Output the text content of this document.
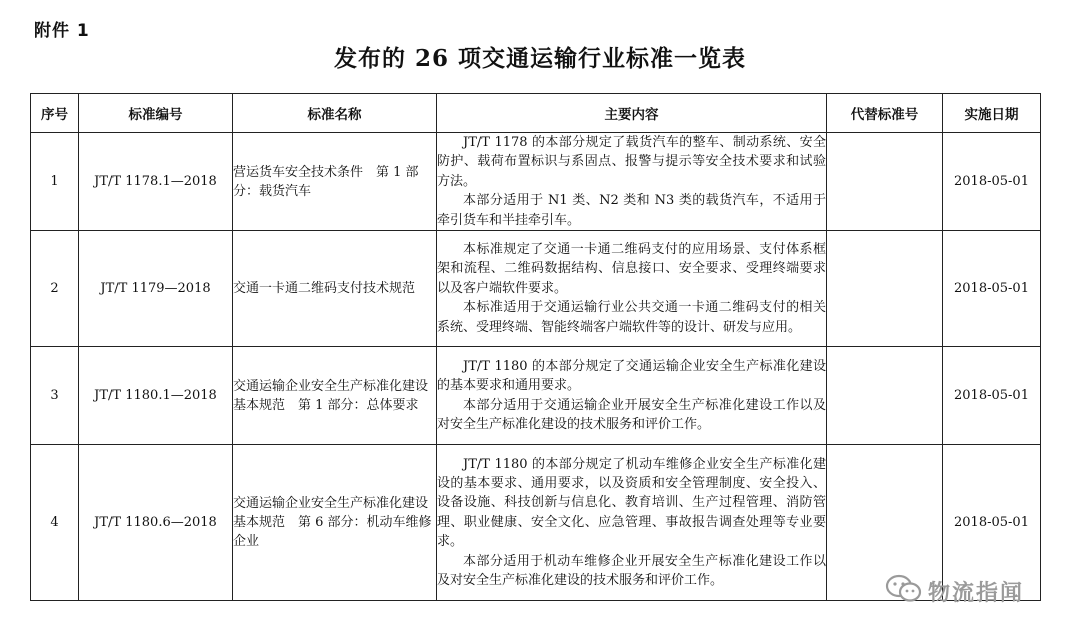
附件 1
发布的 26 项交通运输行业标准一览表
序号	标准编号	标准名称	主要内容	代替标准号	实施日期
1	JT/T 1178.1—2018	营运货车安全技术条件　第 1 部分：载货汽车	JT/T 1178 的本部分规定了载货汽车的整车、制动系统、安全防护、载荷布置标识与系固点、报警与提示等安全技术要求和试验方法。

本部分适用于 N1 类、N2 类和 N3 类的载货汽车，不适用于牵引货车和半挂牵引车。		2018-05-01
2	JT/T 1179—2018	交通一卡通二维码支付技术规范	本标准规定了交通一卡通二维码支付的应用场景、支付体系框架和流程、二维码数据结构、信息接口、安全要求、受理终端要求以及客户端软件要求。

本标准适用于交通运输行业公共交通一卡通二维码支付的相关系统、受理终端、智能终端客户端软件等的设计、研发与应用。		2018-05-01
3	JT/T 1180.1—2018	交通运输企业安全生产标准化建设基本规范　第 1 部分：总体要求	JT/T 1180 的本部分规定了交通运输企业安全生产标准化建设的基本要求和通用要求。

本部分适用于交通运输企业开展安全生产标准化建设工作以及对安全生产标准化建设的技术服务和评价工作。		2018-05-01
4	JT/T 1180.6—2018	交通运输企业安全生产标准化建设基本规范　第 6 部分：机动车维修企业	JT/T 1180 的本部分规定了机动车维修企业安全生产标准化建设的基本要求、通用要求，以及资质和安全管理制度、安全投入、设备设施、科技创新与信息化、教育培训、生产过程管理、消防管理、职业健康、安全文化、应急管理、事故报告调查处理等专业要求。

本部分适用于机动车维修企业开展安全生产标准化建设工作以及对安全生产标准化建设的技术服务和评价工作。		2018-05-01
物流指闻
